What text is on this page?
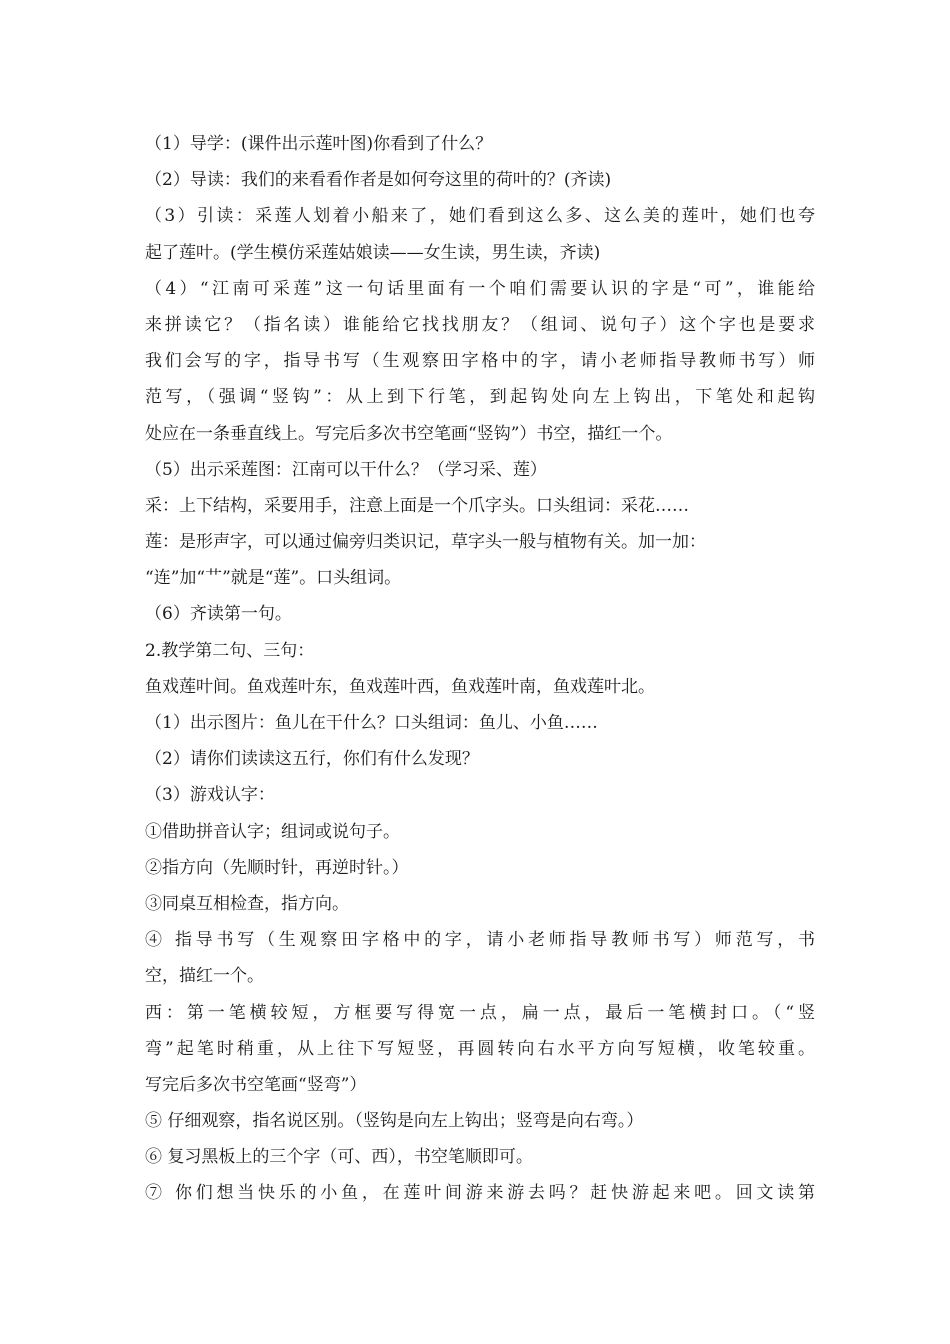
（1）导学：(课件出示莲叶图)你看到了什么？
（2）导读：我们的来看看作者是如何夸这里的荷叶的？(齐读)
（3）引读：采莲人划着小船来了，她们看到这么多、这么美的莲叶，她们也夸
起了莲叶。(学生模仿采莲姑娘读——女生读，男生读，齐读)
（4）“江南可采莲”这一句话里面有一个咱们需要认识的字是“可”，谁能给
来拼读它？（指名读）谁能给它找找朋友？（组词、说句子）这个字也是要求
我们会写的字，指导书写（生观察田字格中的字，请小老师指导教师书写）师
范写，（强调“竖钩”：从上到下行笔，到起钩处向左上钩出，下笔处和起钩
处应在一条垂直线上。写完后多次书空笔画“竖钩”）书空，描红一个。
（5）出示采莲图：江南可以干什么？（学习采、莲）
采：上下结构，采要用手，注意上面是一个爪字头。口头组词：采花……
莲：是形声字，可以通过偏旁归类识记，草字头一般与植物有关。加一加：
“连”加“艹”就是“莲”。口头组词。
（6）齐读第一句。
2.教学第二句、三句：
鱼戏莲叶间。鱼戏莲叶东，鱼戏莲叶西，鱼戏莲叶南，鱼戏莲叶北。
（1）出示图片：鱼儿在干什么？口头组词：鱼儿、小鱼……
（2）请你们读读这五行，你们有什么发现？
（3）游戏认字：
①借助拼音认字；组词或说句子。
②指方向（先顺时针，再逆时针。）
③同桌互相检查，指方向。
④ 指导书写（生观察田字格中的字，请小老师指导教师书写）师范写，书
空，描红一个。
西：第一笔横较短，方框要写得宽一点，扁一点，最后一笔横封口。（“竖
弯”起笔时稍重，从上往下写短竖，再圆转向右水平方向写短横，收笔较重。
写完后多次书空笔画“竖弯”）
⑤ 仔细观察，指名说区别。（竖钩是向左上钩出；竖弯是向右弯。）
⑥ 复习黑板上的三个字（可、西），书空笔顺即可。
⑦ 你们想当快乐的小鱼，在莲叶间游来游去吗？赶快游起来吧。回文读第
